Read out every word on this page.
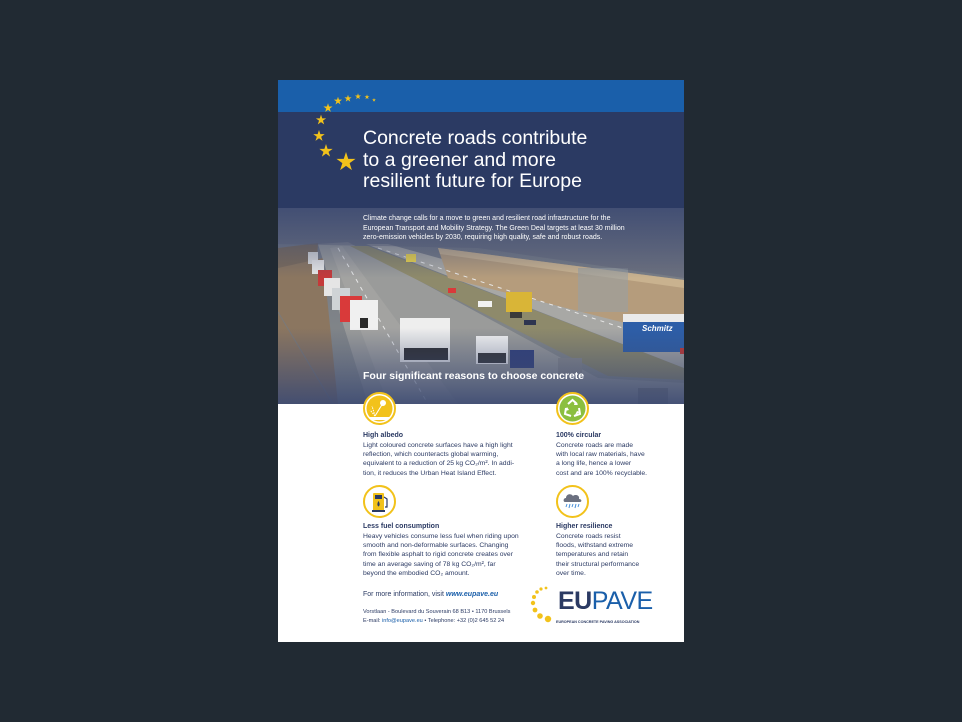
Concrete roads contribute
to a greener and more
resilient future for Europe
Climate change calls for a move to green and resilient road infrastructure for the
European Transport and Mobility Strategy. The Green Deal targets at least 30 million
zero-emission vehicles by 2030, requiring high quality, safe and robust roads.
Four significant reasons to choose concrete
High albedo
Light coloured concrete surfaces have a high light
reflection, which counteracts global warming,
equivalent to a reduction of 25 kg CO₂/m². In addi-
tion, it reduces the Urban Heat Island Effect.
100% circular
Concrete roads are made
with local raw materials, have
a long life, hence a lower
cost and are 100% recyclable.
Less fuel consumption
Heavy vehicles consume less fuel when riding upon
smooth and non-deformable surfaces. Changing
from flexible asphalt to rigid concrete creates over
time an average saving of 78 kg CO₂/m², far
beyond the embodied CO₂ amount.
Higher resilience
Concrete roads resist
floods, withstand extreme
temperatures and retain
their structural performance
over time.
For more information, visit www.eupave.eu
Vorstlaan - Boulevard du Souverain 68 B13 • 1170 Brussels
E-mail: info@eupave.eu • Telephone: +32 (0)2 645 52 24
EUPAVE
EUROPEAN CONCRETE PAVING ASSOCIATION
